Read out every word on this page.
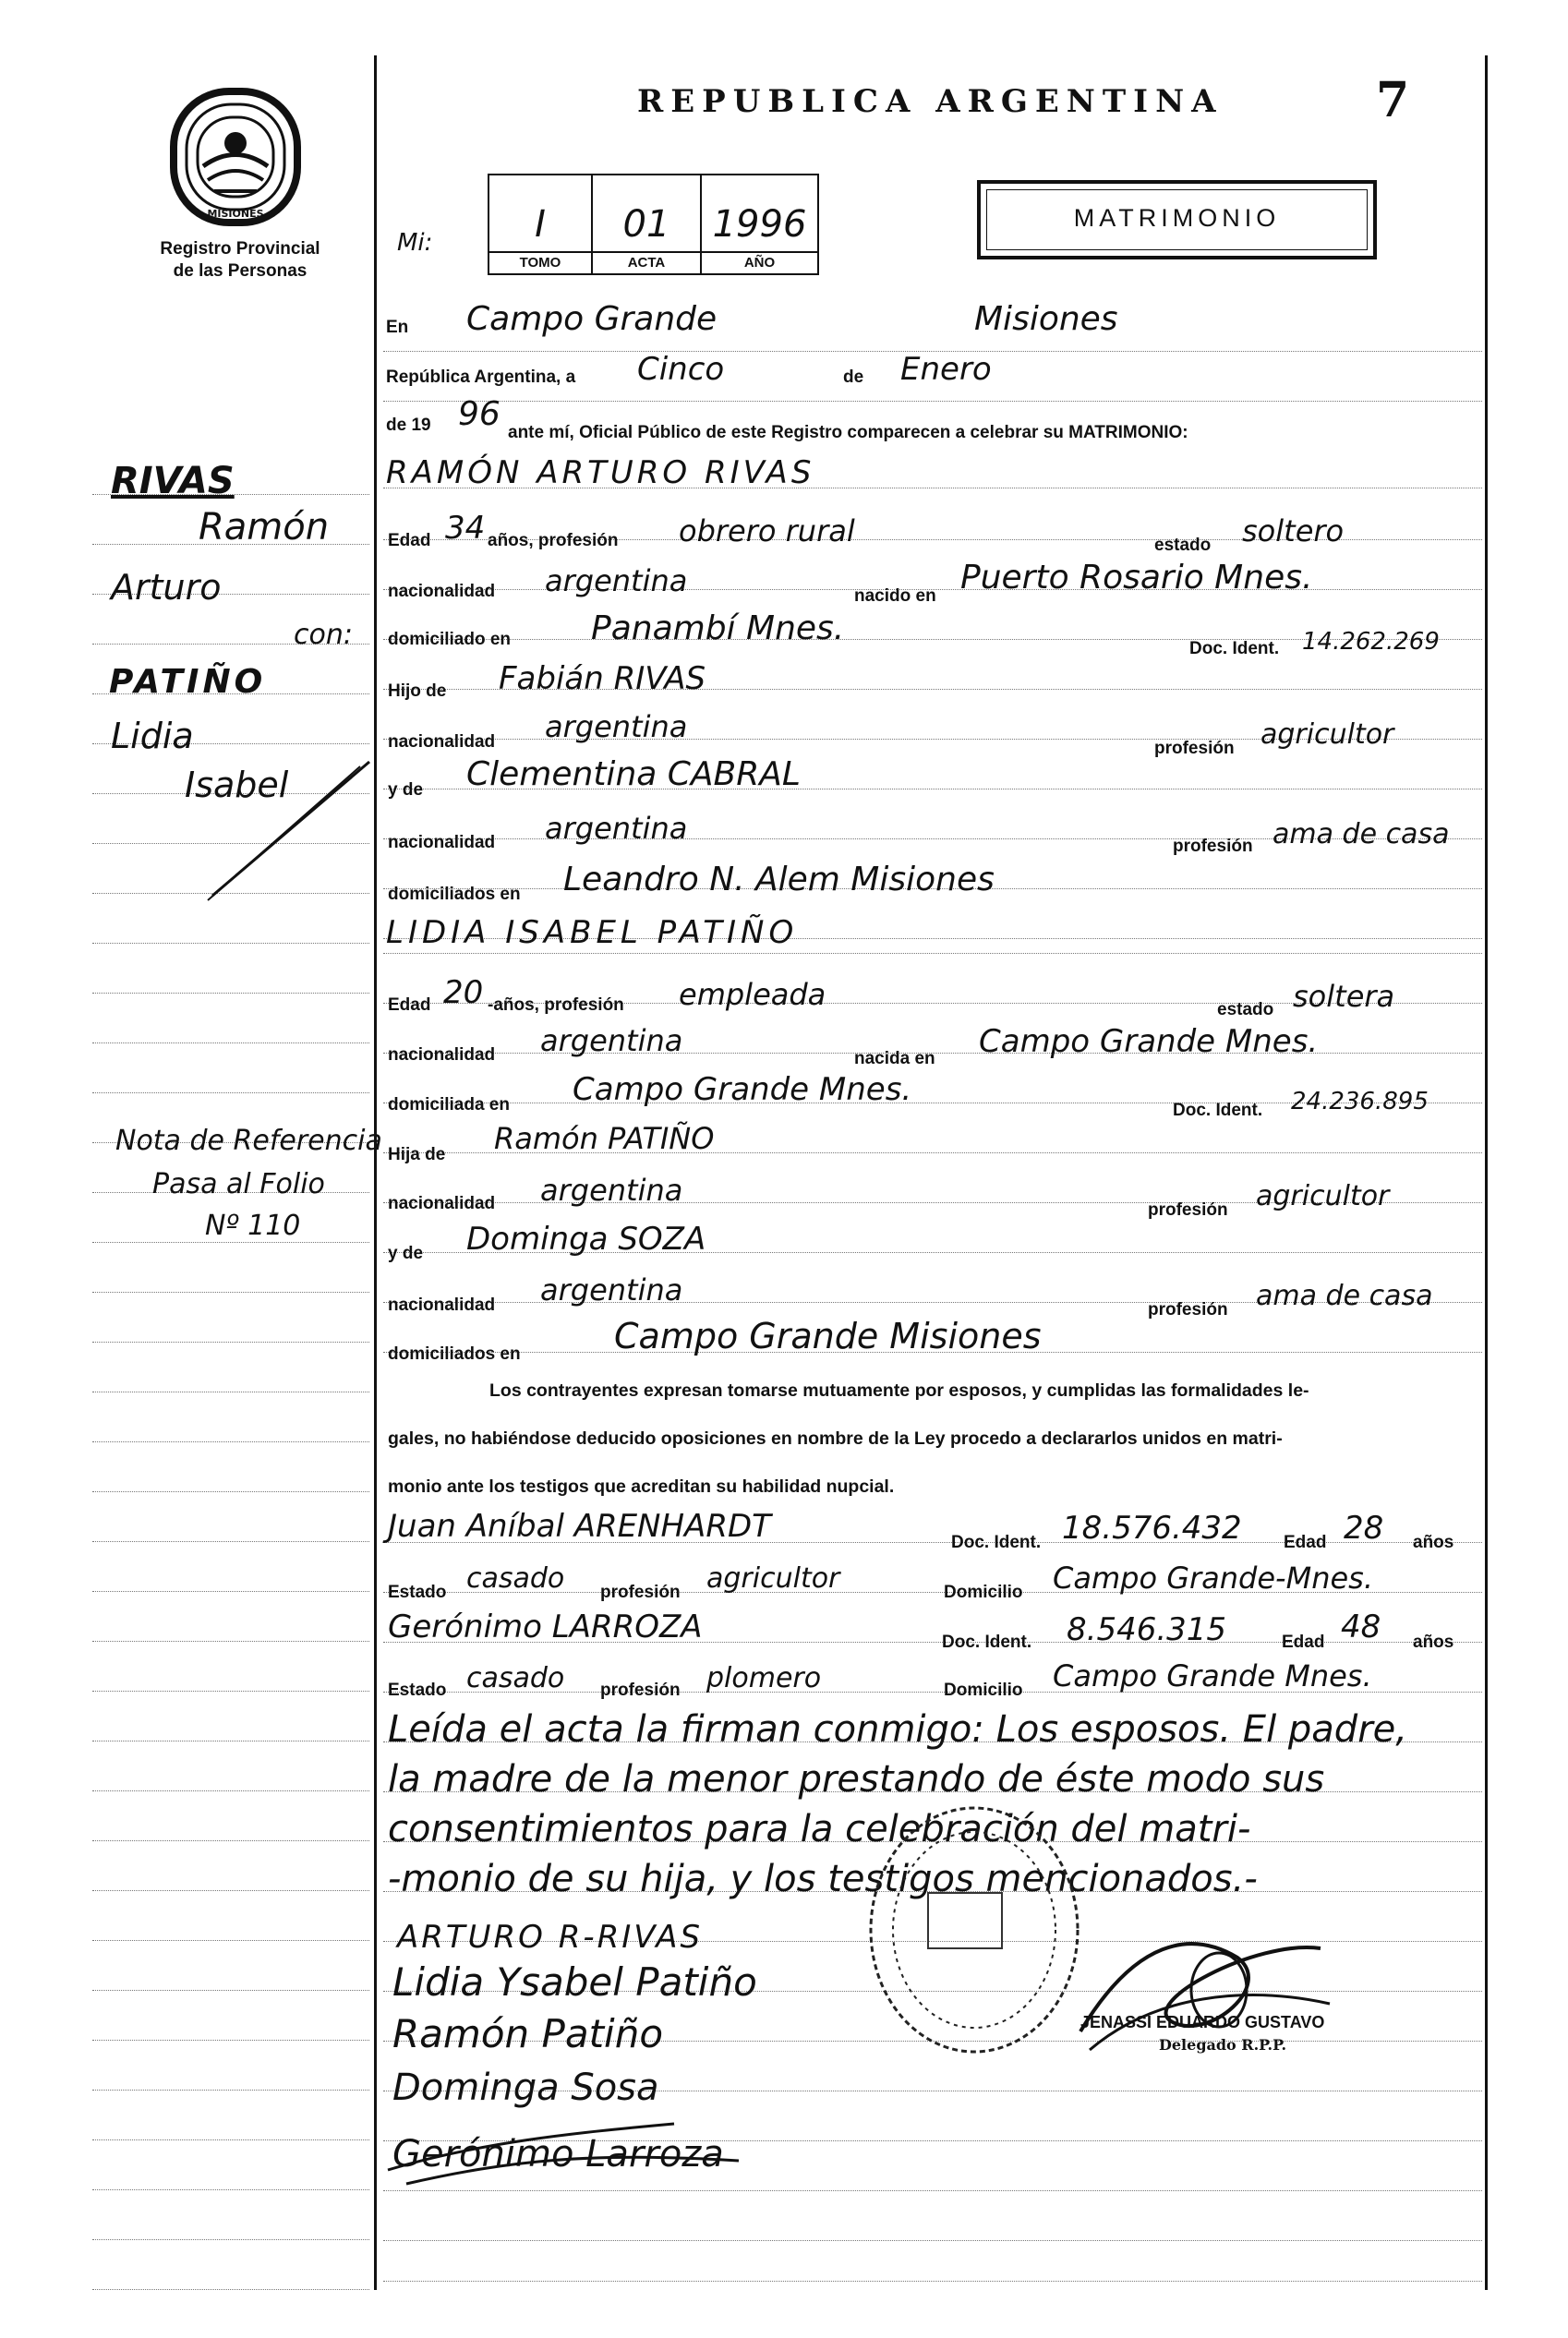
MISIONES
Registro Provincial
de las Personas
REPUBLICA ARGENTINA	7
MATRIMONIO
Mi:	I
TOMO
01
ACTA
1996
AÑO
RIVAS
Ramón
Arturo
con:
PATIÑO
Lidia
Isabel
Nota de Referencia
Pasa al Folio
Nº 110
En Campo Grande	Misiones
República Argentina, a Cinco	de Enero
de 19 96 ante mí, Oficial Público de este Registro comparecen a celebrar su MATRIMONIO:
RAMÓN ARTURO RIVAS
Edad 34 años, profesión obrero rural	estado soltero
nacionalidad argentina	nacido en Puerto Rosario Mnes.
domiciliado en Panambí Mnes.
Doc. Ident. 14.262.269
Hijo de Fabián RIVAS
nacionalidad argentina
profesión agricultor
y de Clementina CABRAL
nacionalidad argentina
profesión ama de casa
domiciliados en Leandro N. Alem Misiones
LIDIA ISABEL PATIÑO
Edad 20 -años, profesión empleada	estado soltera
nacionalidad argentina
nacida en Campo Grande Mnes.
domiciliada en Campo Grande Mnes.
Doc. Ident. 24.236.895
Hija de Ramón PATIÑO
nacionalidad argentina
profesión agricultor
y de Dominga SOZA
nacionalidad argentina
profesión ama de casa
domiciliados en	Campo Grande Misiones
Los contrayentes expresan tomarse mutuamente por esposos, y cumplidas las formalidades le-
gales, no habiéndose deducido oposiciones en nombre de la Ley procedo a declararlos unidos en matri-
monio ante los testigos que acreditan su habilidad nupcial.
Juan Aníbal ARENHARDT	Doc. Ident. 18.576.432 Edad 28 años
Estado casado profesión agricultor	Domicilio Campo Grande-Mnes.
Gerónimo LARROZA	Doc. Ident. 8.546.315	Edad 48 años
Estado casado profesión plomero	Domicilio Campo Grande Mnes.
Leída el acta la firman conmigo: Los esposos. El padre,
la madre de la menor prestando de éste modo sus
consentimientos para la celebración del matri-
-monio de su hija, y los testigos mencionados.-
ARTURO R-RIVAS
Lidia Ysabel Patiño
Ramón Patiño
Dominga Sosa
Gerónimo Larroza
JENASSI EDUARDO GUSTAVO
Delegado R.P.P.
